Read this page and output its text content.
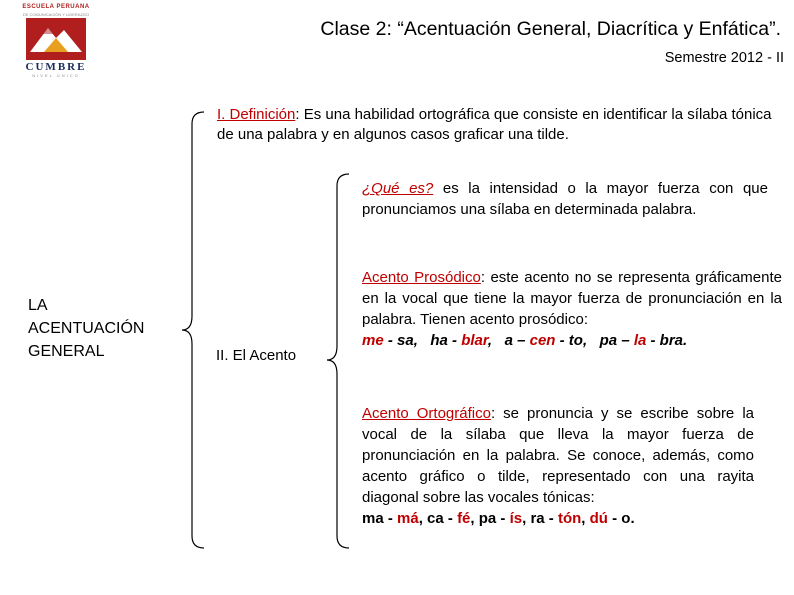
ESCUELA PERUANA
DE COMUNICACIÓN Y LIDERAZGO
CUMBRE
NIVEL ÚNICO
Clase 2: “Acentuación General, Diacrítica y Enfática”.
Semestre 2012 - II
LA
ACENTUACIÓN
GENERAL
I. Definición: Es una habilidad ortográfica que consiste en identificar la sílaba tónica de una palabra y en algunos casos graficar una tilde.
II. El Acento
¿Qué es? es la intensidad o la mayor fuerza con que pronunciamos una sílaba en determinada palabra.
Acento Prosódico: este acento no se representa gráficamente en la vocal que tiene la mayor fuerza de pronunciación en la palabra. Tienen acento prosódico:
me - sa,   ha - blar,   a – cen - to,   pa – la - bra.
Acento Ortográfico: se pronuncia y se escribe sobre la vocal de la sílaba que lleva la mayor fuerza de pronunciación en la palabra. Se conoce, además, como acento gráfico o tilde, representado con una rayita diagonal sobre las vocales tónicas:
ma - má, ca - fé, pa - ís, ra - tón, dú - o.
